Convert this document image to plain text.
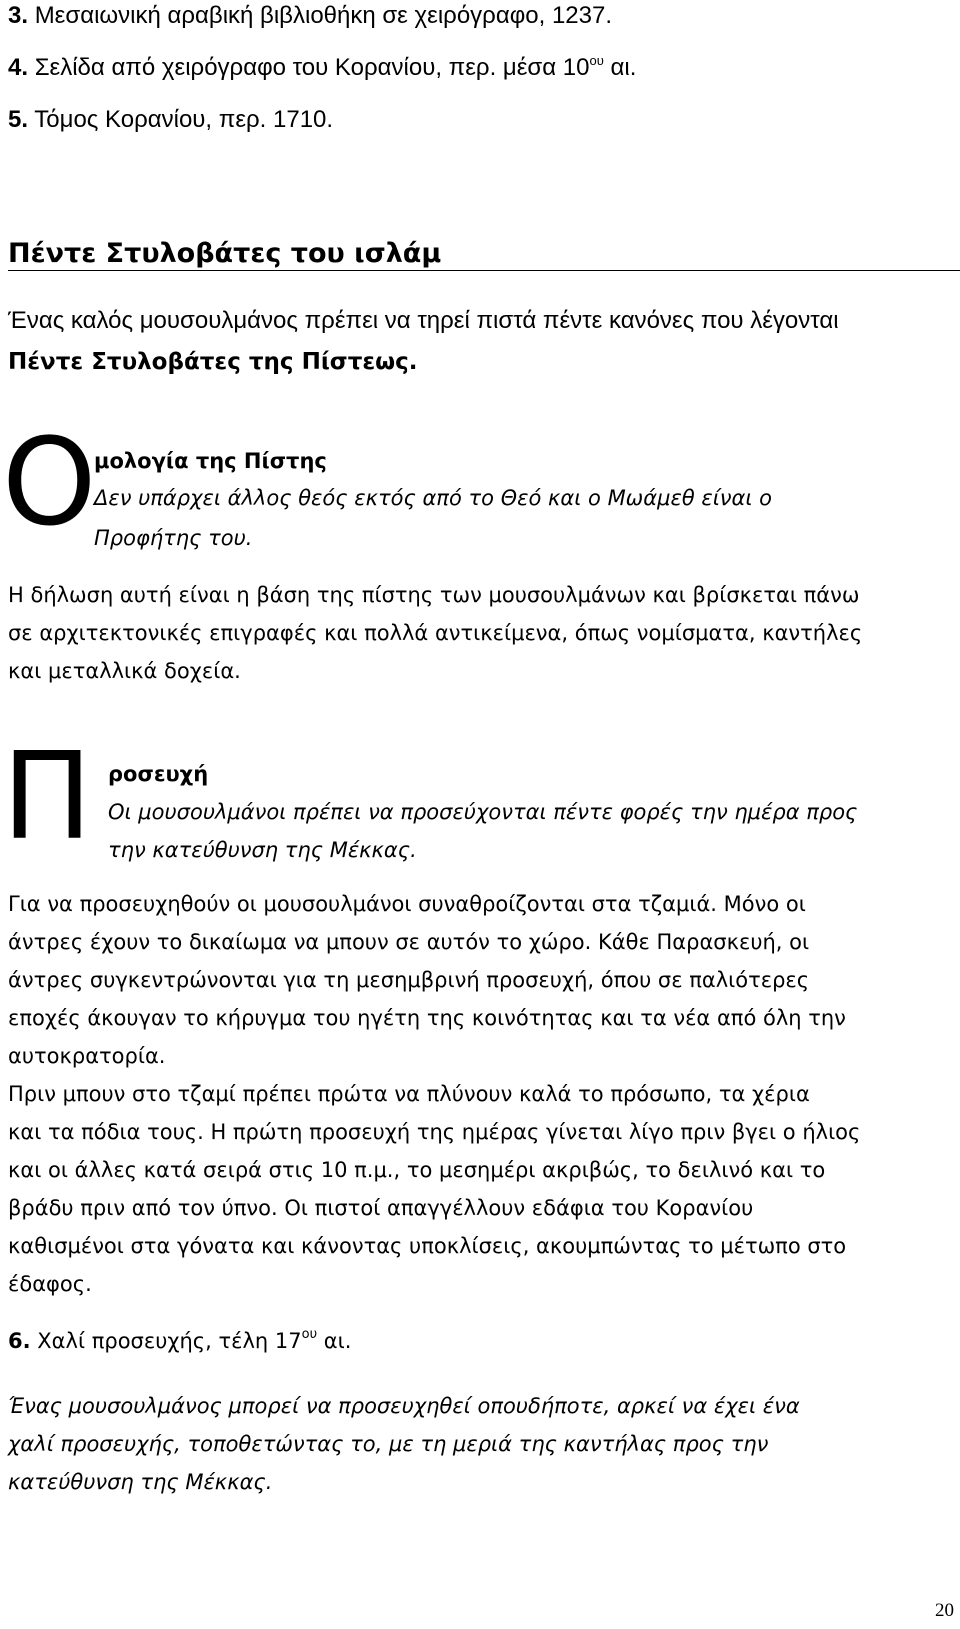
3. Μεσαιωνική αραβική βιβλιοθήκη σε χειρόγραφο, 1237.
4. Σελίδα από χειρόγραφο του Κορανίου, περ. μέσα $10^{o\upsilon}$ αι.
5. Τόμος Κορανίου, περ. 1710.
Πέντε Στυλοβάτες του ισλάμ
Ένας καλός μουσουλμάνος πρέπει να τηρεί πιστά πέντε κανόνες που λέγονται
Πέντε Στυλοβάτες της Πίστεως.
Ο
μολογία της Πίστης
Δεν υπάρχει άλλος θεός εκτός από το Θεό και ο Μωάμεθ είναι ο
Προφήτης του.
Η δήλωση αυτή είναι η βάση της πίστης των μουσουλμάνων και βρίσκεται πάνω
σε αρχιτεκτονικές επιγραφές και πολλά αντικείμενα, όπως νομίσματα, καντήλες
και μεταλλικά δοχεία.
Π ροσευχή
Οι μουσουλμάνοι πρέπει να προσεύχονται πέντε φορές την ημέρα προς
την κατεύθυνση της Μέκκας.
Για να προσευχηθούν οι μουσουλμάνοι συναθροίζονται στα τζαμιά. Μόνο οι
άντρες έχουν το δικαίωμα να μπουν σε αυτόν το χώρο. Κάθε Παρασκευή, οι
άντρες συγκεντρώνονται για τη μεσημβρινή προσευχή, όπου σε παλιότερες
εποχές άκουγαν το κήρυγμα του ηγέτη της κοινότητας και τα νέα από όλη την
αυτοκρατορία.
Πριν μπουν στο τζαμί πρέπει πρώτα να πλύνουν καλά το πρόσωπο, τα χέρια
και τα πόδια τους. Η πρώτη προσευχή της ημέρας γίνεται λίγο πριν βγει ο ήλιος
και οι άλλες κατά σειρά στις 10 π.μ., το μεσημέρι ακριβώς, το δειλινό και το
βράδυ πριν από τον ύπνο. Οι πιστοί απαγγέλλουν εδάφια του Κορανίου
καθισμένοι στα γόνατα και κάνοντας υποκλίσεις, ακουμπώντας το μέτωπο στο
έδαφος.
6. Χαλί προσευχής, τέλη $17^{o\upsilon}$ αι.
Ένας μουσουλμάνος μπορεί να προσευχηθεί οπουδήποτε, αρκεί να έχει ένα
χαλί προσευχής, τοποθετώντας το, με τη μεριά της καντήλας προς την
κατεύθυνση της Μέκκας.
20
